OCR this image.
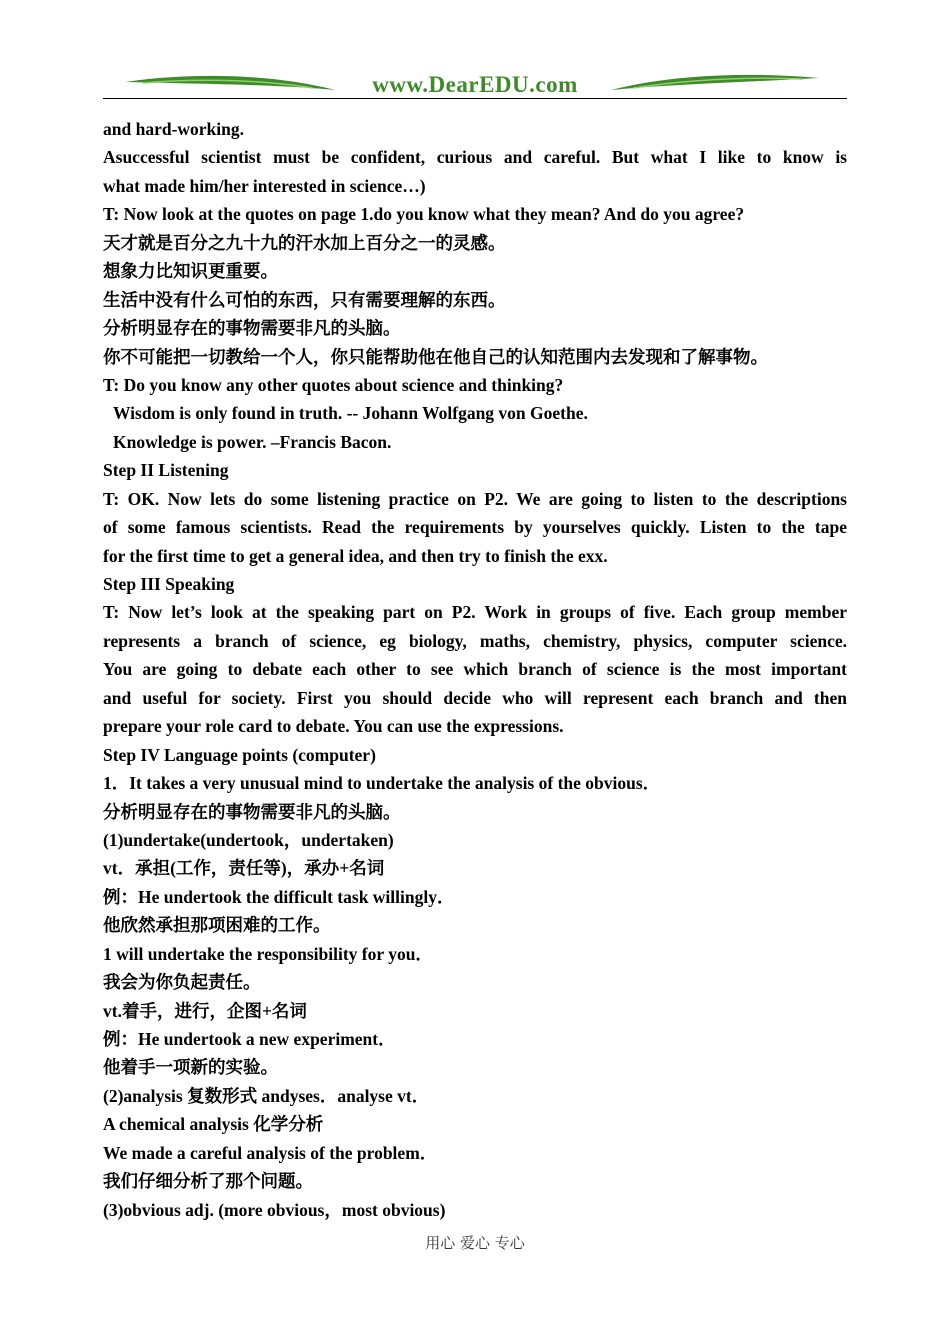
www.DearEDU.com
and hard-working.
Asuccessful scientist must be confident, curious and careful. But what I like to know is
what made him/her interested in science…)
T: Now look at the quotes on page 1.do you know what they mean? And do you agree?
天才就是百分之九十九的汗水加上百分之一的灵感。
想象力比知识更重要。
生活中没有什么可怕的东西，只有需要理解的东西。
分析明显存在的事物需要非凡的头脑。
你不可能把一切教给一个人，你只能帮助他在他自己的认知范围内去发现和了解事物。
T: Do you know any other quotes about science and thinking?
Wisdom is only found in truth. -- Johann Wolfgang von Goethe.
Knowledge is power. –Francis Bacon.
Step II Listening
T: OK. Now lets do some listening practice on P2. We are going to listen to the descriptions
of some famous scientists. Read the requirements by yourselves quickly. Listen to the tape
for the first time to get a general idea, and then try to finish the exx.
Step III Speaking
T: Now let’s look at the speaking part on P2. Work in groups of five. Each group member
represents a branch of science, eg biology, maths, chemistry, physics, computer science.
You are going to debate each other to see which branch of science is the most important
and useful for society. First you should decide who will represent each branch and then
prepare your role card to debate. You can use the expressions.
Step IV Language points (computer)
1．It takes a very unusual mind to undertake the analysis of the obvious．
分析明显存在的事物需要非凡的头脑。
(1)undertake(undertook，undertaken)
vt．承担(工作，责任等)，承办+名词
例：He undertook the difficult task willingly．
他欣然承担那项困难的工作。
1 will undertake the responsibility for you．
我会为你负起责任。
vt.着手，进行，企图+名词
例：He undertook a new experiment．
他着手一项新的实验。
(2)analysis 复数形式 andyses．analyse vt．
A chemical analysis 化学分析
We made a careful analysis of the problem．
我们仔细分析了那个问题。
(3)obvious adj. (more obvious，most obvious)
用心 爱心 专心
